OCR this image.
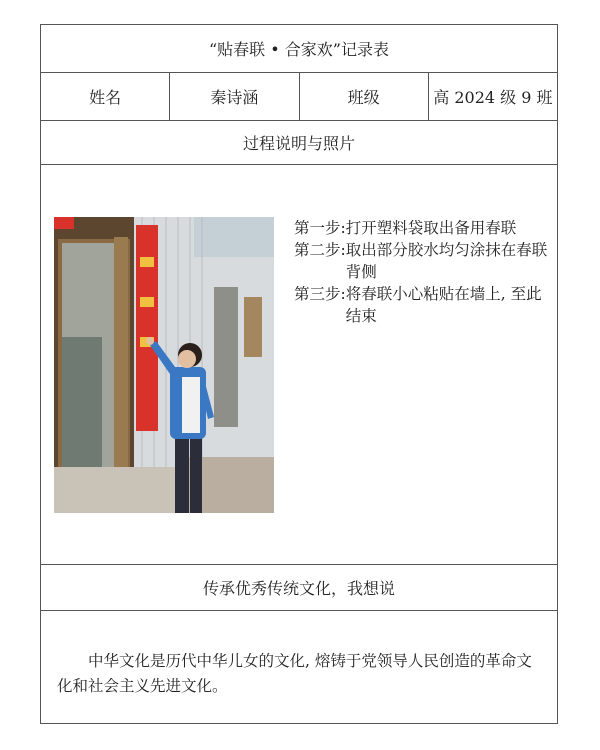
“贴春联 • 合家欢”记录表
姓名	秦诗涵	班级	高 2024 级 9 班
过程说明与照片
第一步: 打开塑料袋取出备用春联
第二步: 取出部分胶水均匀涂抹在春联背侧
第三步: 将春联小心粘贴在墙上, 至此结束
传承优秀传统文化，我想说
中华文化是历代中华儿女的文化, 熔铸于党领导人民创造的革命文化和社会主义先进文化。
